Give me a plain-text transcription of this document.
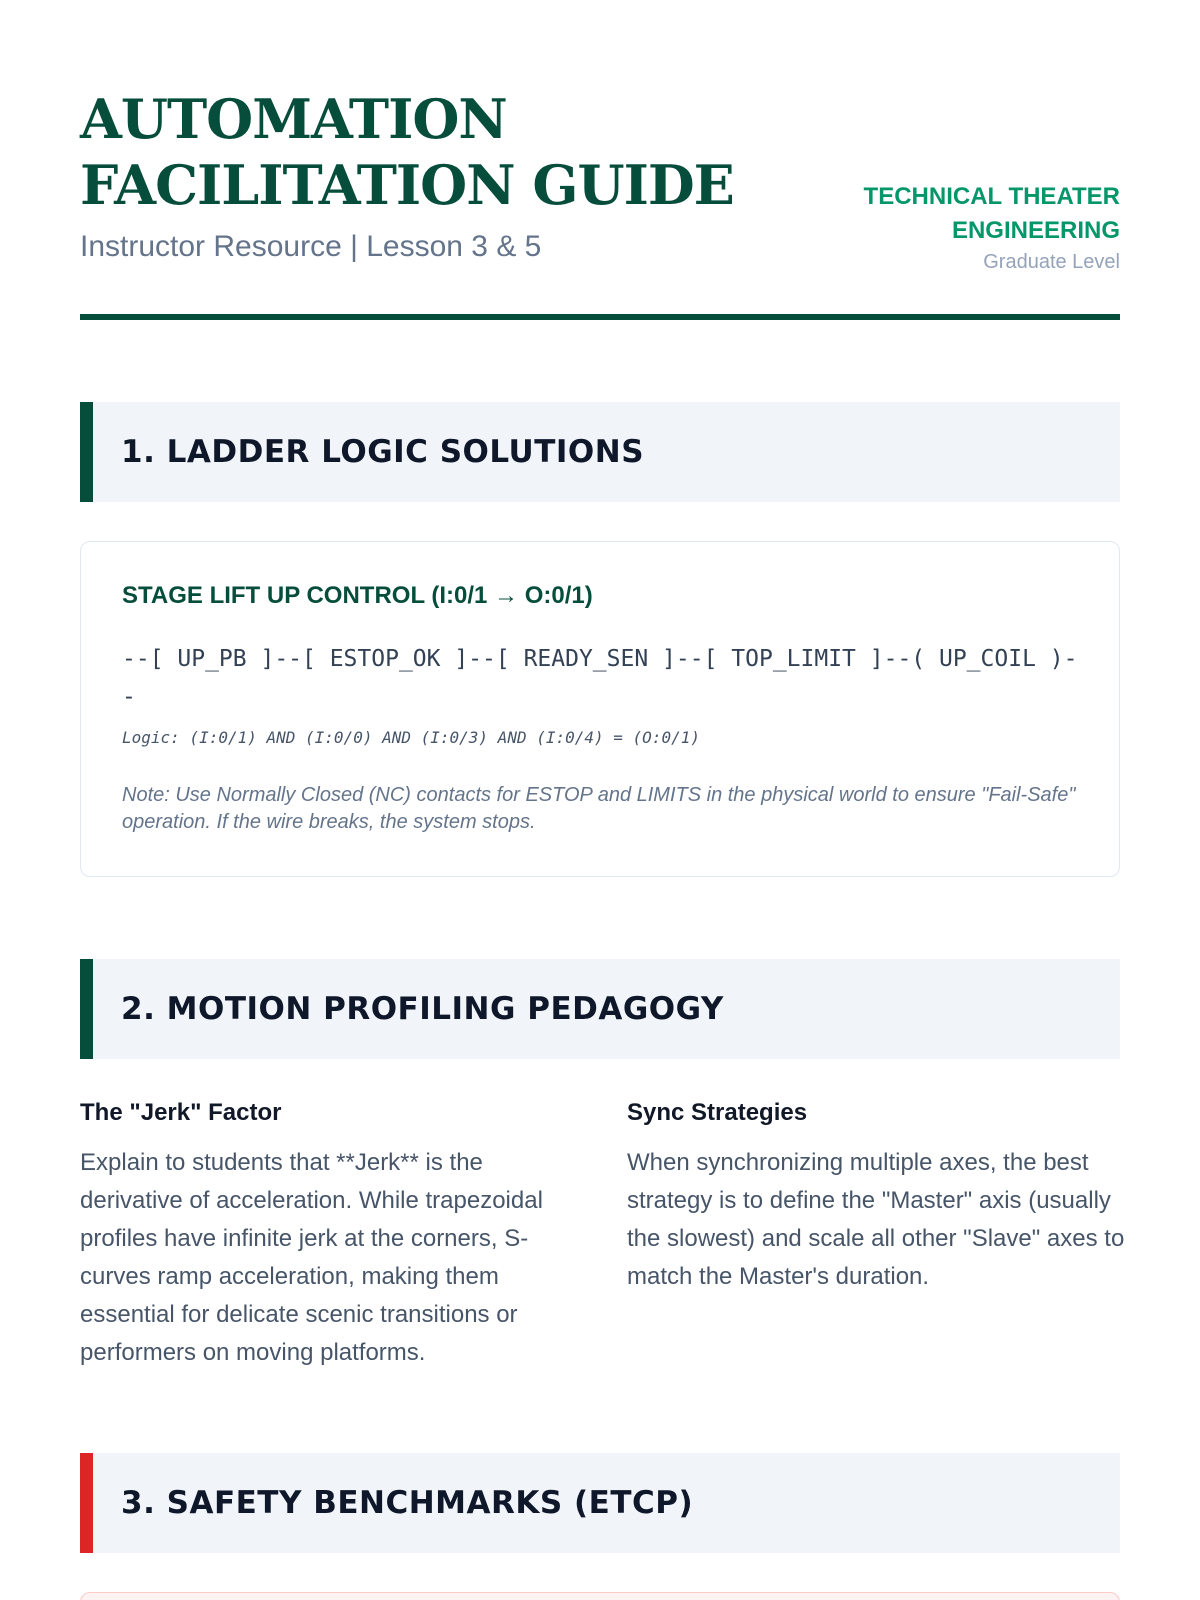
AUTOMATION
FACILITATION GUIDE
Instructor Resource | Lesson 3 & 5
TECHNICAL THEATER
ENGINEERING
Graduate Level
1. LADDER LOGIC SOLUTIONS
STAGE LIFT UP CONTROL (I:0/1 → O:0/1)
--[ UP_PB ]--[ ESTOP_OK ]--[ READY_SEN ]--[ TOP_LIMIT ]--( UP_COIL )--
Logic: (I:0/1) AND (I:0/0) AND (I:0/3) AND (I:0/4) = (O:0/1)
Note: Use Normally Closed (NC) contacts for ESTOP and LIMITS in the physical world to ensure "Fail-Safe" operation. If the wire breaks, the system stops.
2. MOTION PROFILING PEDAGOGY
The "Jerk" Factor

Explain to students that **Jerk** is the derivative of acceleration. While trapezoidal profiles have infinite jerk at the corners, S-curves ramp acceleration, making them essential for delicate scenic transitions or performers on moving platforms.

Sync Strategies

When synchronizing multiple axes, the best strategy is to define the "Master" axis (usually the slowest) and scale all other "Slave" axes to match the Master's duration.

3. SAFETY BENCHMARKS (ETCP)
